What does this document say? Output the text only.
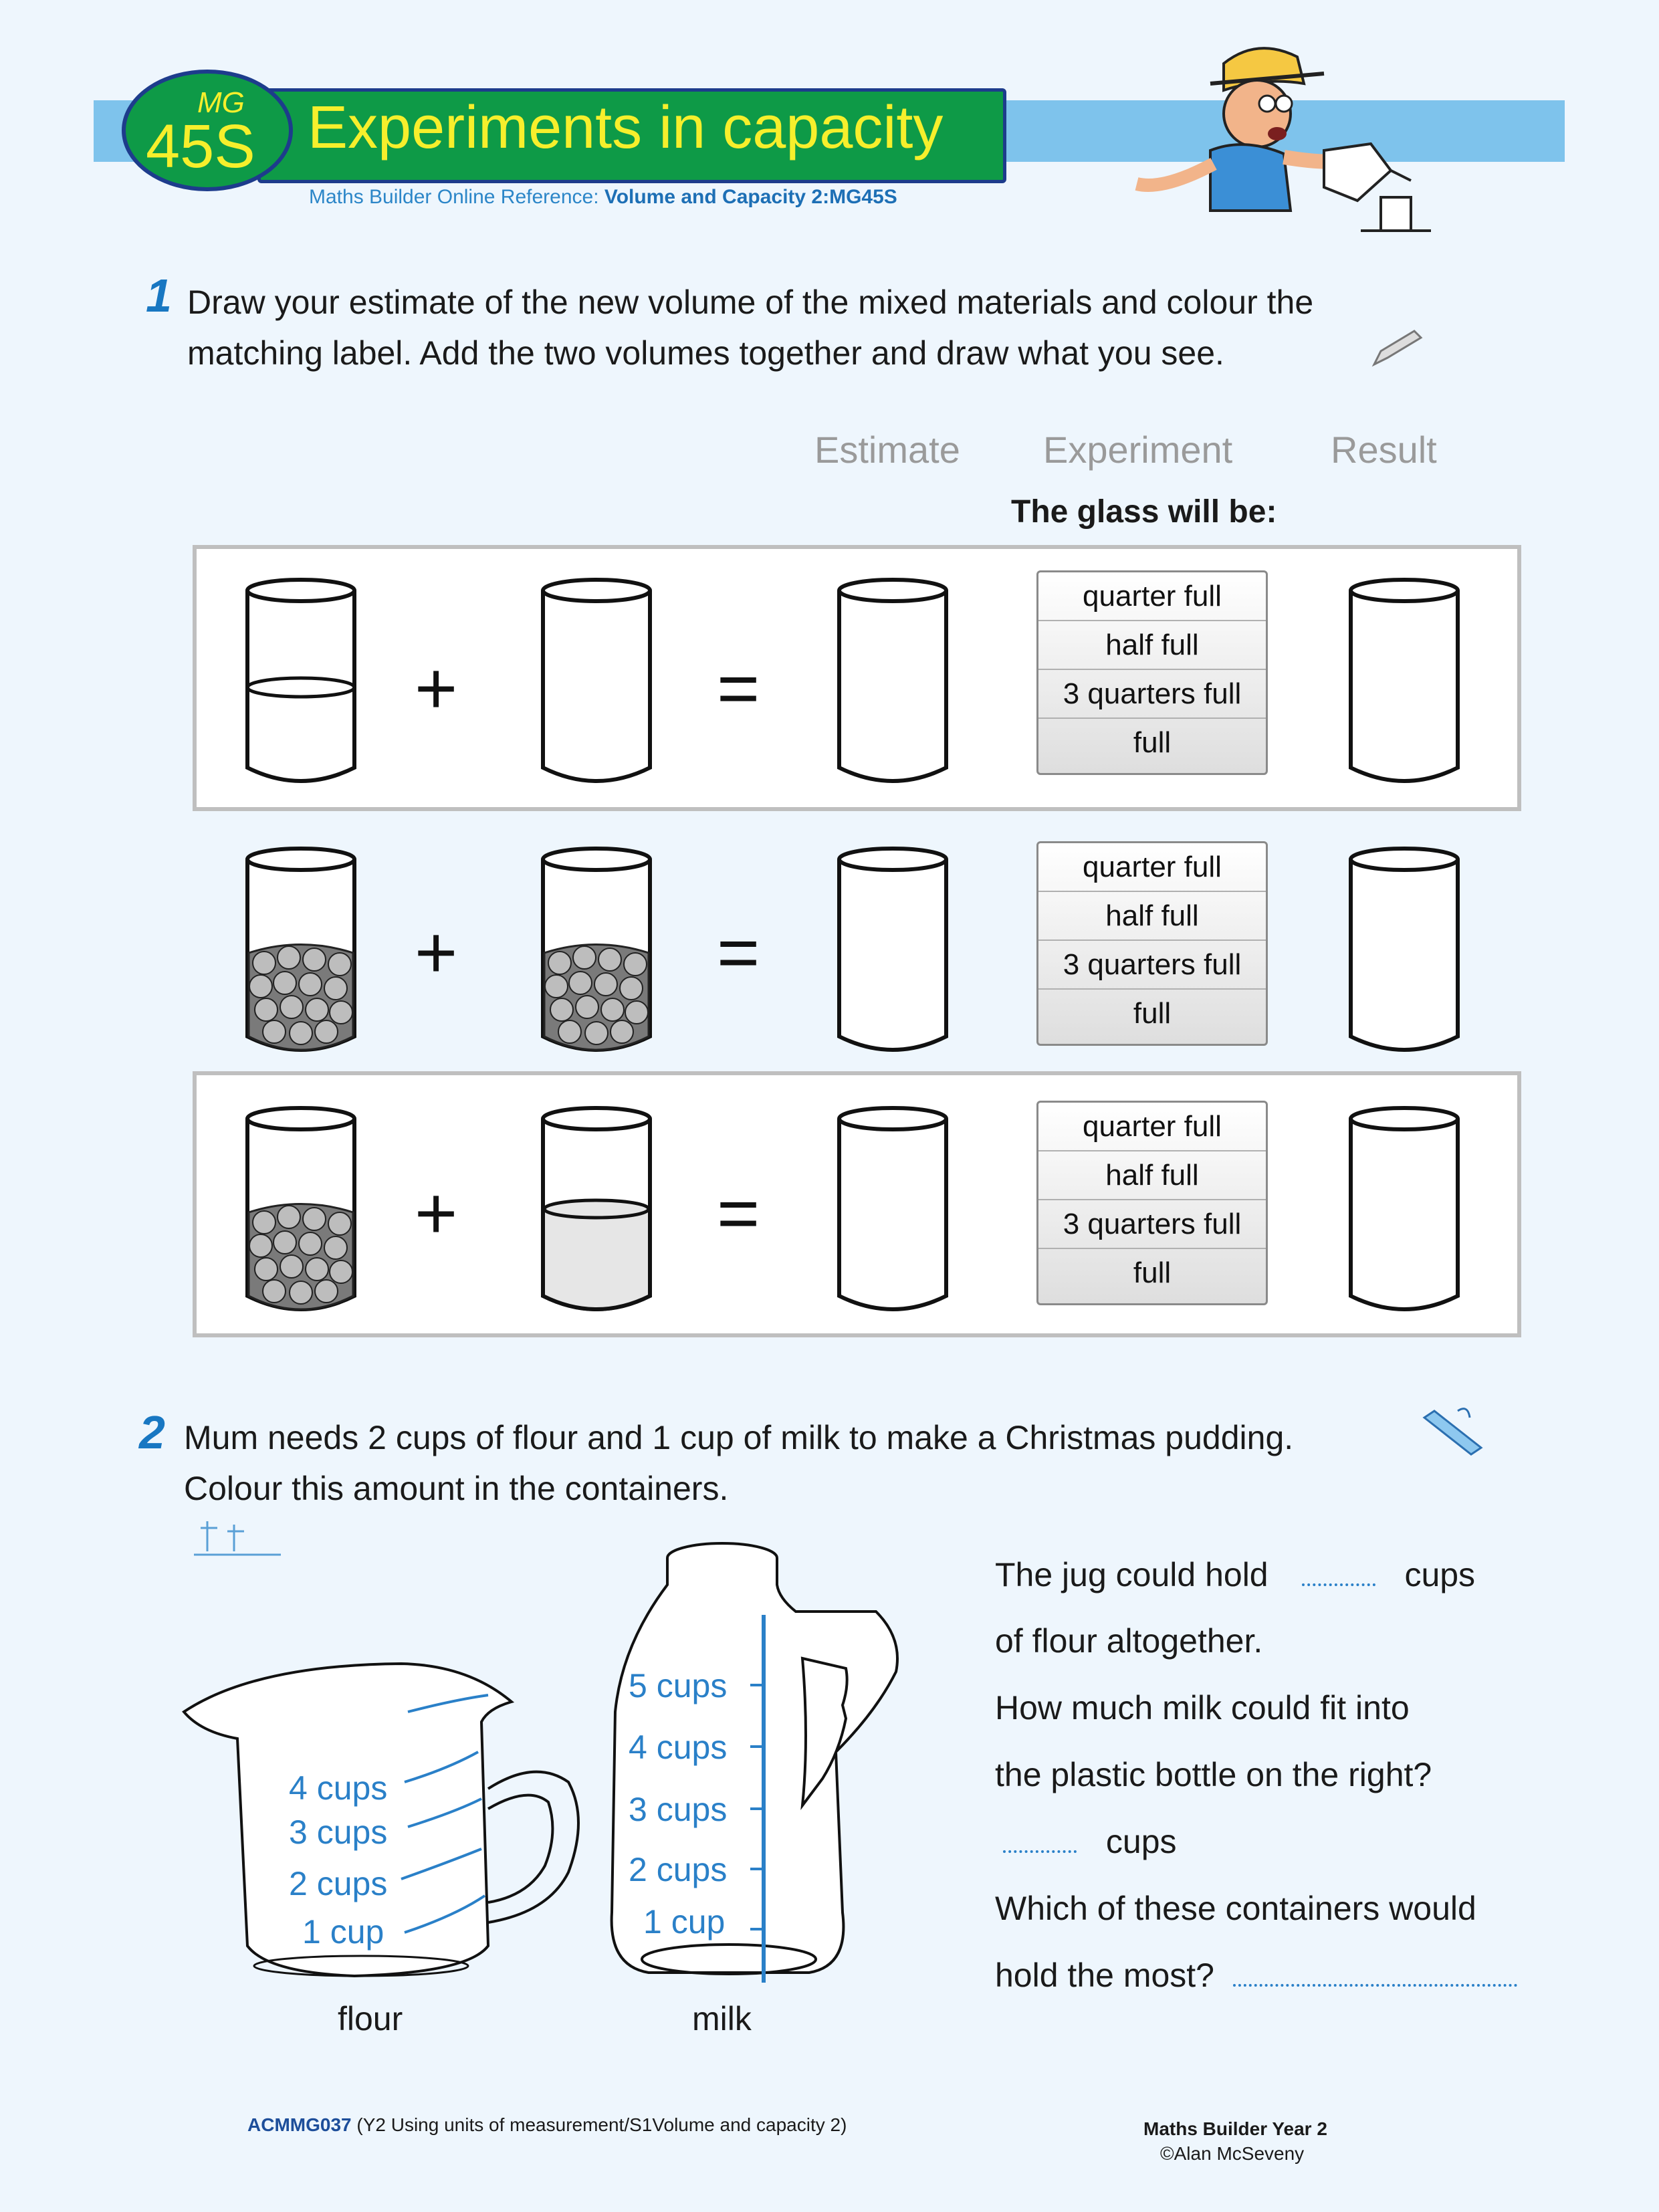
MG
45S Experiments in capacity
Maths Builder Online Reference: Volume and Capacity 2:MG45S
1 Draw your estimate of the new volume of the mixed materials and colour the
matching label. Add the two volumes together and draw what you see.
Estimate Experiment	Result
The glass will be:
+	=
quarter full
half full
3 quarters full
full
+	=
quarter full
half full
3 quarters full
full
+	=
quarter full
half full
3 quarters full
full
2 Mum needs 2 cups of flour and 1 cup of milk to make a Christmas pudding.
Colour this amount in the containers.
4 cups
3 cups
2 cups
1 cup
flour
5 cups
4 cups
3 cups
2 cups
1 cup
milk
The jug could hold	cups
of flour altogether.
How much milk could fit into
the plastic bottle on the right?
cups
Which of these containers would
hold the most?
ACMMG037 (Y2 Using units of measurement/S1Volume and capacity 2)	Maths Builder Year 2
©Alan McSeveny
